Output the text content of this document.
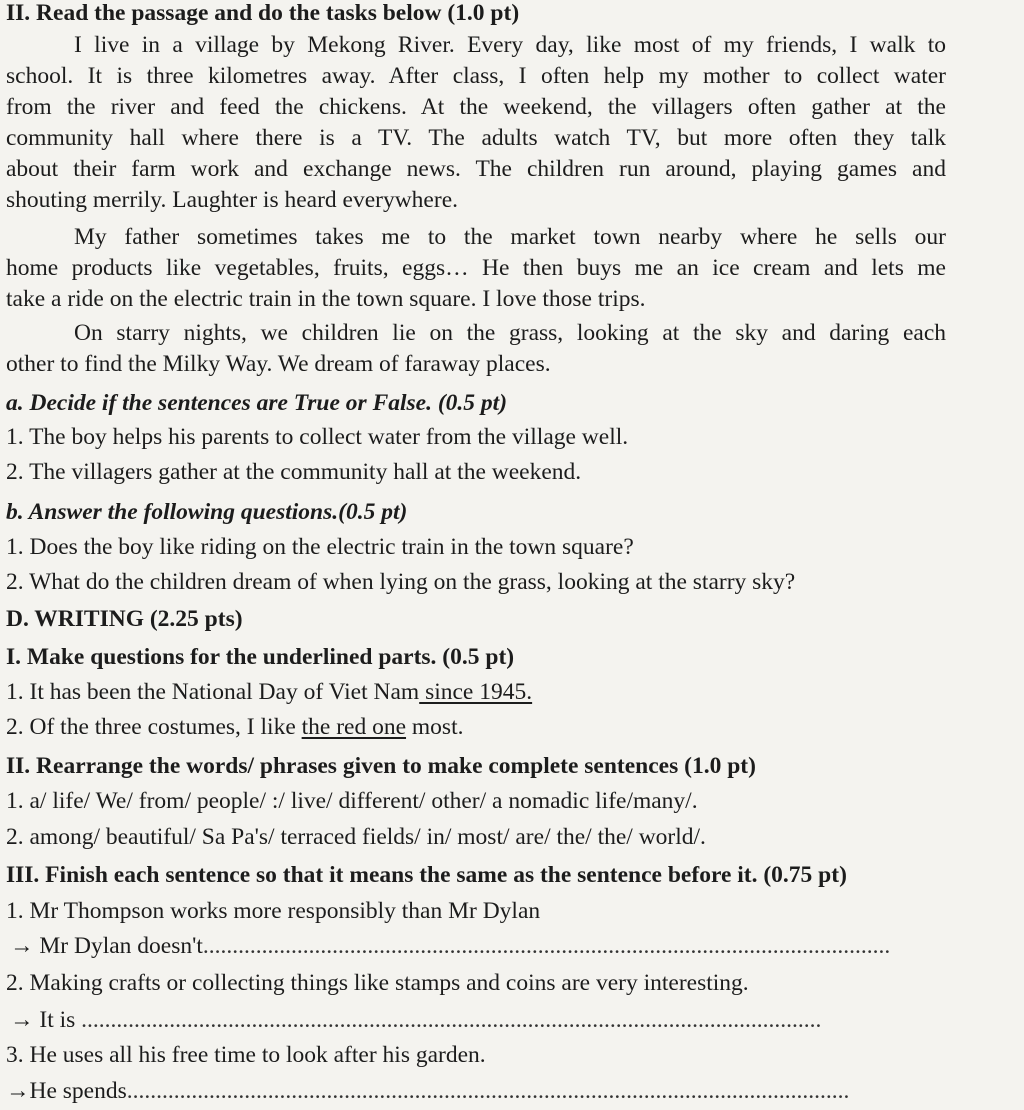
II. Read the passage and do the tasks below (1.0 pt)
I live in a village by Mekong River. Every day, like most of my friends, I walk to
school. It is three kilometres away. After class, I often help my mother to collect water
from the river and feed the chickens. At the weekend, the villagers often gather at the
community hall where there is a TV. The adults watch TV, but more often they talk
about their farm work and exchange news. The children run around, playing games and
shouting merrily. Laughter is heard everywhere.
My father sometimes takes me to the market town nearby where he sells our
home products like vegetables, fruits, eggs… He then buys me an ice cream and lets me
take a ride on the electric train in the town square. I love those trips.
On starry nights, we children lie on the grass, looking at the sky and daring each
other to find the Milky Way. We dream of faraway places.
a. Decide if the sentences are True or False. (0.5 pt)
1. The boy helps his parents to collect water from the village well.
2. The villagers gather at the community hall at the weekend.
b. Answer the following questions.(0.5 pt)
1. Does the boy like riding on the electric train in the town square?
2. What do the children dream of when lying on the grass, looking at the starry sky?
D. WRITING (2.25 pts)
I. Make questions for the underlined parts. (0.5 pt)
1. It has been the National Day of Viet Nam since 1945.
2. Of the three costumes, I like the red one most.
II. Rearrange the words/ phrases given to make complete sentences (1.0 pt)
1. a/ life/ We/ from/ people/ :/ live/ different/ other/ a nomadic life/many/.
2. among/ beautiful/ Sa Pa's/ terraced fields/ in/ most/ are/ the/ the/ world/.
III. Finish each sentence so that it means the same as the sentence before it. (0.75 pt)
1. Mr Thompson works more responsibly than Mr Dylan
→ Mr Dylan doesn't.....................................................................................................................
2. Making crafts or collecting things like stamps and coins are very interesting.
→ It is ..............................................................................................................................
3. He uses all his free time to look after his garden.
→He spends...........................................................................................................................
